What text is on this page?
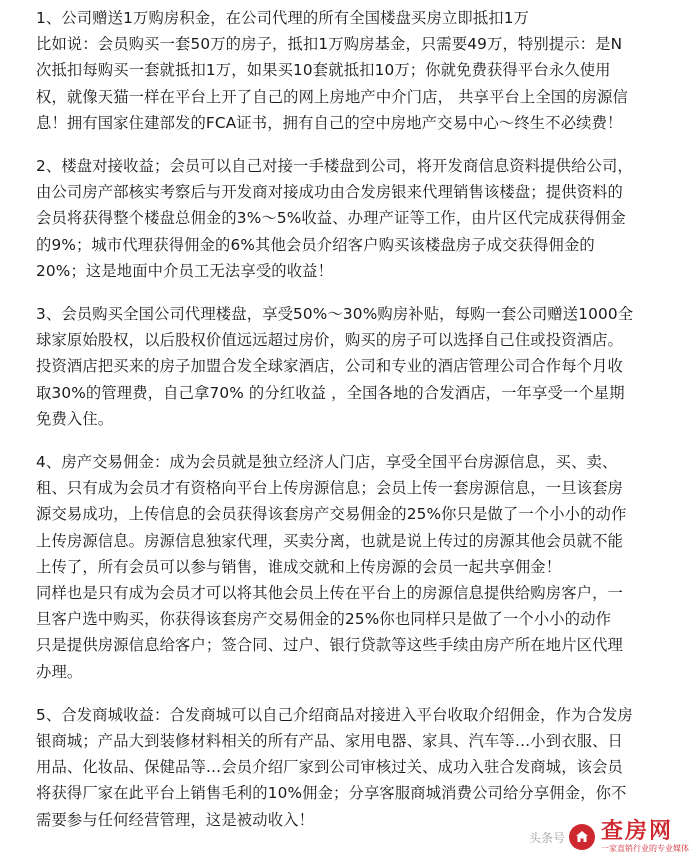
1、公司赠送1万购房积金，在公司代理的所有全国楼盘买房立即抵扣1万
比如说：会员购买一套50万的房子，抵扣1万购房基金，只需要49万，特别提示：是N
次抵扣每购买一套就抵扣1万，如果买10套就抵扣10万；你就免费获得平台永久使用
权，就像天猫一样在平台上开了自己的网上房地产中介门店， 共享平台上全国的房源信
息！拥有国家住建部发的FCA证书，拥有自己的空中房地产交易中心～终生不必续费！
2、楼盘对接收益；会员可以自己对接一手楼盘到公司，将开发商信息资料提供给公司，
由公司房产部核实考察后与开发商对接成功由合发房银来代理销售该楼盘；提供资料的
会员将获得整个楼盘总佣金的3%～5%收益、办理产证等工作，由片区代完成获得佣金
的9%；城市代理获得佣金的6%其他会员介绍客户购买该楼盘房子成交获得佣金的
20%；这是地面中介员工无法享受的收益！
3、会员购买全国公司代理楼盘，享受50%～30%购房补贴，每购一套公司赠送1000全
球家原始股权，以后股权价值远远超过房价，购买的房子可以选择自己住或投资酒店。
投资酒店把买来的房子加盟合发全球家酒店，公司和专业的酒店管理公司合作每个月收
取30%的管理费，自己拿70% 的分红收益 ，全国各地的合发酒店，一年享受一个星期
免费入住。
4、房产交易佣金：成为会员就是独立经济人门店，享受全国平台房源信息，买、卖、
租、只有成为会员才有资格向平台上传房源信息；会员上传一套房源信息，一旦该套房
源交易成功，上传信息的会员获得该套房产交易佣金的25%你只是做了一个小小的动作
上传房源信息。房源信息独家代理，买卖分离，也就是说上传过的房源其他会员就不能
上传了，所有会员可以参与销售，谁成交就和上传房源的会员一起共享佣金！
同样也是只有成为会员才可以将其他会员上传在平台上的房源信息提供给购房客户，一
旦客户选中购买，你获得该套房产交易佣金的25%你也同样只是做了一个小小的动作
只是提供房源信息给客户；签合同、过户、银行贷款等这些手续由房产所在地片区代理
办理。
5、合发商城收益：合发商城可以自己介绍商品对接进入平台收取介绍佣金，作为合发房
银商城；产品大到装修材料相关的所有产品、家用电器、家具、汽车等…小到衣服、日
用品、化妆品、保健品等…会员介绍厂家到公司审核过关、成功入驻合发商城，该会员
将获得厂家在此平台上销售毛利的10%佣金；分享客服商城消费公司给分享佣金，你不
需要参与任何经营管理，这是被动收入！
头条号 查房网
一家直销行业的专业媒体
